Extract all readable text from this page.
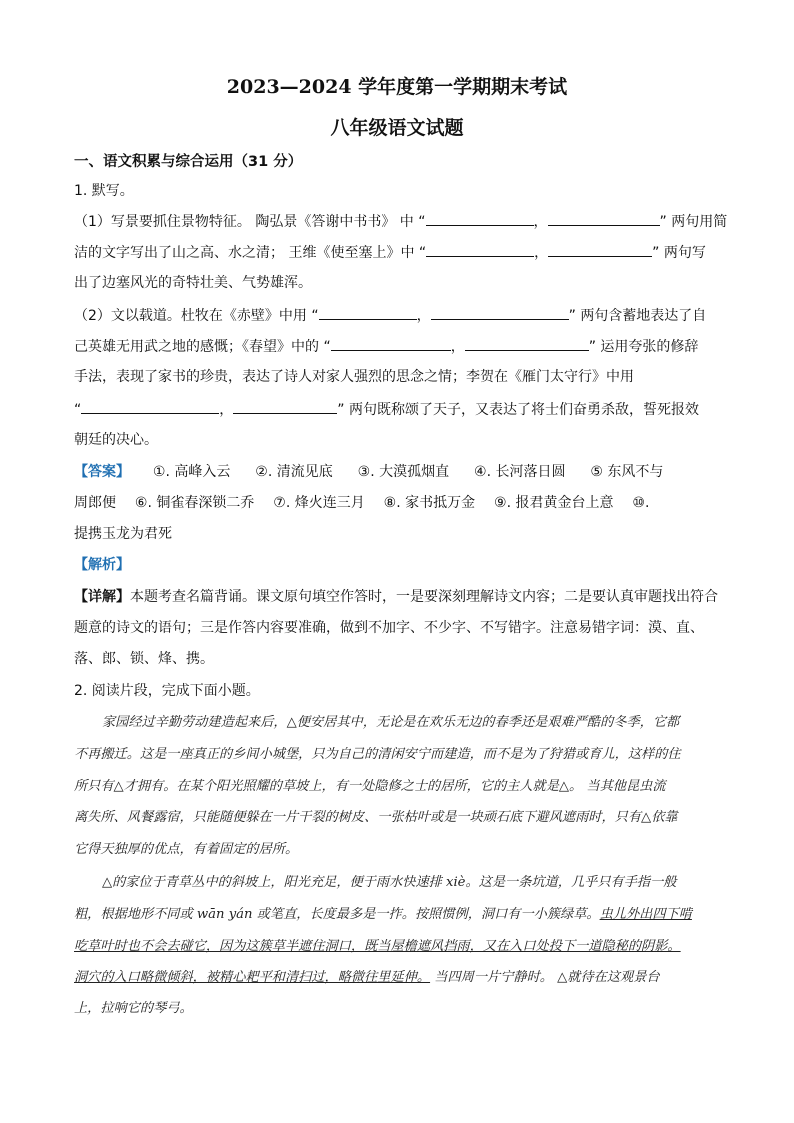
2023—2024 学年度第一学期期末考试
八年级语文试题
一、语文积累与综合运用（31 分）
1. 默写。
（1）写景要抓住景物特征。 陶弘景《答谢中书书》 中 “	，	” 两句用简
洁的文字写出了山之高、水之清； 王维《使至塞上》中 “	，	” 两句写
出了边塞风光的奇特壮美、气势雄浑。
（2）文以载道。杜牧在《赤壁》中用 “	，	” 两句含蓄地表达了自
己英雄无用武之地的感慨；《春望》中的 “	，	” 运用夸张的修辞
手法，表现了家书的珍贵，表达了诗人对家人强烈的思念之情；李贺在《雁门太守行》中用
“	，	” 两句既称颂了天子，又表达了将士们奋勇杀敌，誓死报效
朝廷的决心。
【答案】 ①. 高峰入云 ②. 清流见底 ③. 大漠孤烟直 ④. 长河落日圆 ⑤ 东风不与
周郎便 ⑥. 铜雀春深锁二乔 ⑦. 烽火连三月 ⑧. 家书抵万金 ⑨. 报君黄金台上意 ⑩.
提携玉龙为君死
【解析】
【详解】本题考查名篇背诵。课文原句填空作答时，一是要深刻理解诗文内容；二是要认真审题找出符合
题意的诗文的语句；三是作答内容要准确，做到不加字、不少字、不写错字。注意易错字词：漠、直、
落、郎、锁、烽、携。
2. 阅读片段，完成下面小题。
家园经过辛勤劳动建造起来后，△便安居其中，无论是在欢乐无边的春季还是艰难严酷的冬季，它都
不再搬迁。这是一座真正的乡间小城堡，只为自己的清闲安宁而建造，而不是为了狩猎或育儿，这样的住
所只有△才拥有。在某个阳光照耀的草坡上，有一处隐修之士的居所，它的主人就是△。 当其他昆虫流
离失所、风餐露宿，只能随便躲在一片干裂的树皮、一张枯叶或是一块顽石底下避风遮雨时，只有△依靠
它得天独厚的优点，有着固定的居所。
△的家位于青草丛中的斜坡上，阳光充足，便于雨水快速排 xiè。这是一条坑道，几乎只有手指一般
粗，根据地形不同或 wān yán 或笔直，长度最多是一拃。按照惯例，洞口有一小簇绿草。虫儿外出四下啃
吃草叶时也不会去碰它，因为这簇草半遮住洞口，既当屋檐遮风挡雨，又在入口处投下一道隐秘的阴影。
洞穴的入口略微倾斜，被精心耙平和清扫过，略微往里延伸。 当四周一片宁静时。 △就待在这观景台
上，拉响它的琴弓。
